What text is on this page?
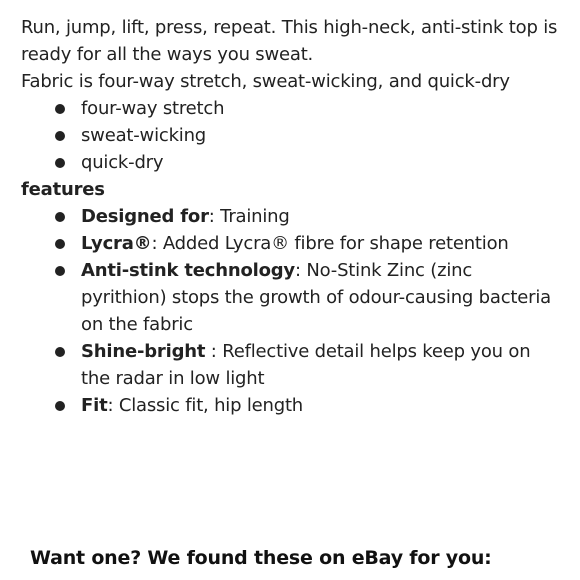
Run, jump, lift, press, repeat. This high-neck, anti-stink top is ready for all the ways you sweat.

Fabric is four-way stretch, sweat-wicking, and quick-dry

four-way stretch
sweat-wicking
quick-dry

features

Designed for: Training
Lycra®: Added Lycra® fibre for shape retention
Anti-stink technology: No-Stink Zinc (zinc pyrithion) stops the growth of odour-causing bacteria on the fabric
Shine-bright : Reflective detail helps keep you on the radar in low light
Fit: Classic fit, hip length
Want one? We found these on eBay for you:
